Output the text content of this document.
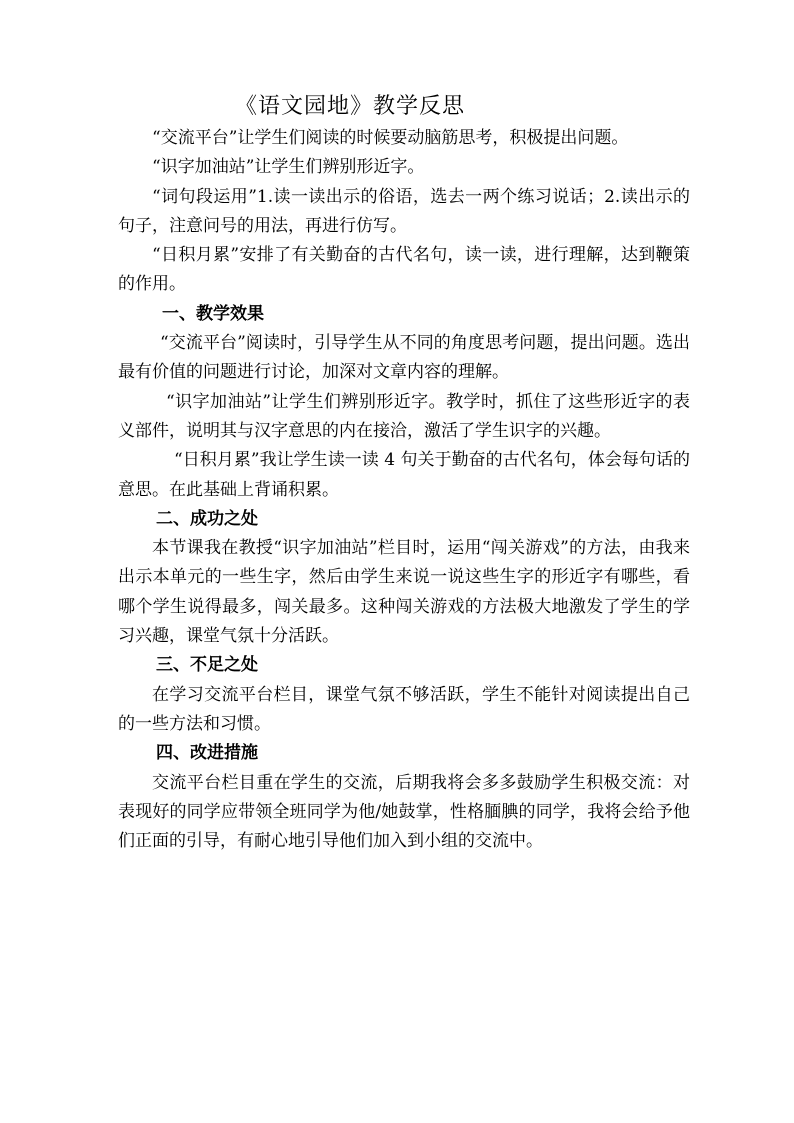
《语文园地》教学反思

“交流平台”让学生们阅读的时候要动脑筋思考，积极提出问题。

“识字加油站”让学生们辨别形近字。

“词句段运用”1.读一读出示的俗语，选去一两个练习说话；2.读出示的句子，注意问号的用法，再进行仿写。

“日积月累”安排了有关勤奋的古代名句，读一读，进行理解，达到鞭策的作用。

一、教学效果

“交流平台”阅读时，引导学生从不同的角度思考问题，提出问题。选出最有价值的问题进行讨论，加深对文章内容的理解。

“识字加油站”让学生们辨别形近字。教学时，抓住了这些形近字的表义部件，说明其与汉字意思的内在接洽，激活了学生识字的兴趣。

“日积月累”我让学生读一读 4 句关于勤奋的古代名句，体会每句话的意思。在此基础上背诵积累。

二、成功之处

本节课我在教授“识字加油站”栏目时，运用“闯关游戏”的方法，由我来出示本单元的一些生字，然后由学生来说一说这些生字的形近字有哪些，看哪个学生说得最多，闯关最多。这种闯关游戏的方法极大地激发了学生的学习兴趣，课堂气氛十分活跃。

三、不足之处

在学习交流平台栏目，课堂气氛不够活跃，学生不能针对阅读提出自己的一些方法和习惯。

四、改进措施

交流平台栏目重在学生的交流，后期我将会多多鼓励学生积极交流：对表现好的同学应带领全班同学为他/她鼓掌，性格腼腆的同学，我将会给予他们正面的引导，有耐心地引导他们加入到小组的交流中。
